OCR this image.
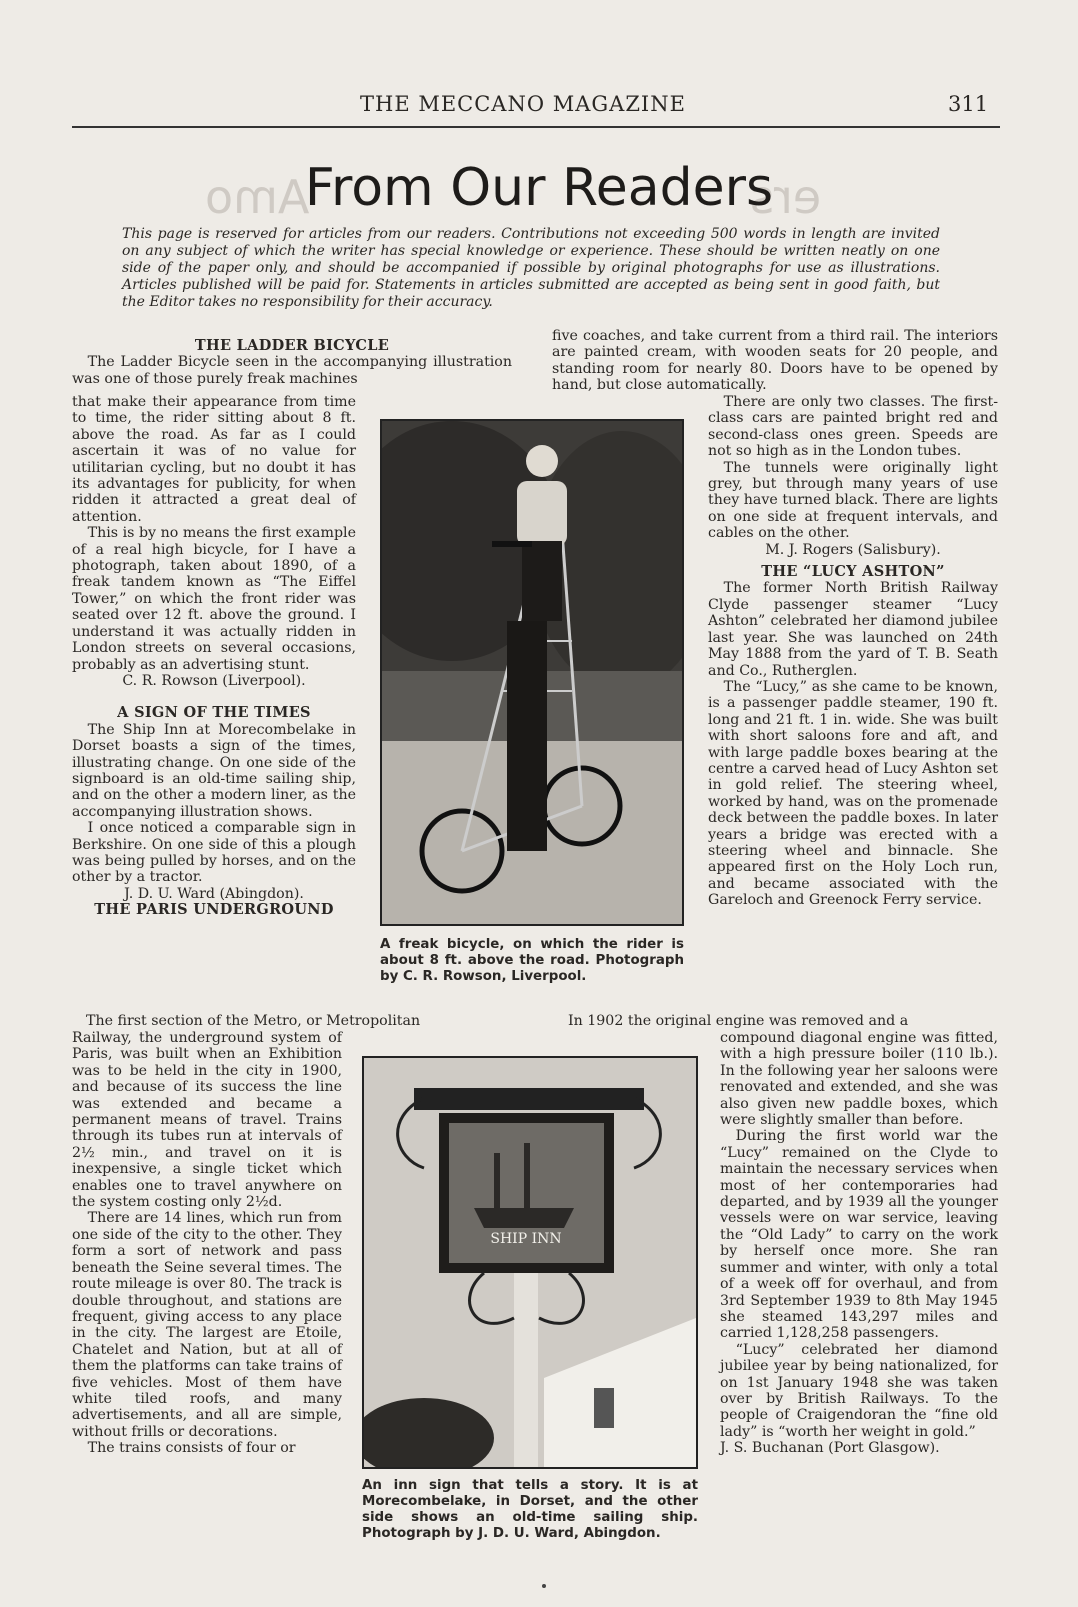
THE MECCANO MAGAZINE	311
Amo	ers
From Our Readers
This page is reserved for articles from our readers. Contributions not exceeding 500 words in length are invited on any subject of which the writer has special knowledge or experience. These should be written neatly on one side of the paper only, and should be accompanied if possible by original photographs for use as illustrations. Articles published will be paid for. Statements in articles submitted are accepted as being sent in good faith, but the Editor takes no responsibility for their accuracy.

THE LADDER BICYCLE

The Ladder Bicycle seen in the accompanying illustration was one of those purely freak machines

that make their appearance from time to time, the rider sitting about 8 ft. above the road. As far as I could ascertain it was of no value for utilitarian cycling, but no doubt it has its advantages for publicity, for when ridden it attracted a great deal of attention.

This is by no means the first example of a real high bicycle, for I have a photograph, taken about 1890, of a freak tandem known as “The Eiffel Tower,” on which the front rider was seated over 12 ft. above the ground. I understand it was actually ridden in London streets on several occasions, probably as an advertising stunt.

C. R. Rowson (Liverpool).

A SIGN OF THE TIMES

The Ship Inn at Morecombelake in Dorset boasts a sign of the times, illustrating change. On one side of the signboard is an old-time sailing ship, and on the other a modern liner, as the accompanying illustration shows.

I once noticed a comparable sign in Berkshire. On one side of this a plough was being pulled by horses, and on the other by a tractor.

J. D. U. Ward (Abingdon).

THE PARIS UNDERGROUND

A freak bicycle, on which the rider is about 8 ft. above the road. Photograph by C. R. Rowson, Liverpool.

five coaches, and take current from a third rail. The interiors are painted cream, with wooden seats for 20 people, and standing room for nearly 80. Doors have to be opened by hand, but close automatically.

There are only two classes. The first-class cars are painted bright red and second-class ones green. Speeds are not so high as in the London tubes.

The tunnels were originally light grey, but through many years of use they have turned black. There are lights on one side at frequent intervals, and cables on the other.

M. J. Rogers (Salisbury).

THE “LUCY ASHTON”

The former North British Railway Clyde passenger steamer “Lucy Ashton” celebrated her diamond jubilee last year. She was launched on 24th May 1888 from the yard of T. B. Seath and Co., Rutherglen.

The “Lucy,” as she came to be known, is a passenger paddle steamer, 190 ft. long and 21 ft. 1 in. wide. She was built with short saloons fore and aft, and with large paddle boxes bearing at the centre a carved head of Lucy Ashton set in gold relief. The steering wheel, worked by hand, was on the promenade deck between the paddle boxes. In later years a bridge was erected with a steering wheel and binnacle. She appeared first on the Holy Loch run, and became associated with the Gareloch and Greenock Ferry service.

The first section of the Metro, or Metropolitan	In 1902 the original engine was removed and a

Railway, the underground system of Paris, was built when an Exhibition was to be held in the city in 1900, and because of its success the line was extended and became a permanent means of travel. Trains through its tubes run at intervals of 2½ min., and travel on it is inexpensive, a single ticket which enables one to travel anywhere on the system costing only 2½d.

There are 14 lines, which run from one side of the city to the other. They form a sort of network and pass beneath the Seine several times. The route mileage is over 80. The track is double throughout, and stations are frequent, giving access to any place in the city. The largest are Etoile, Chatelet and Nation, but at all of them the platforms can take trains of five vehicles. Most of them have white tiled roofs, and many advertisements, and all are simple, without frills or decorations.

The trains consists of four or

SHIP INN
An inn sign that tells a story. It is at Morecombelake, in Dorset, and the other side shows an old-time sailing ship. Photograph by J. D. U. Ward, Abingdon.

compound diagonal engine was fitted, with a high pressure boiler (110 lb.). In the following year her saloons were renovated and extended, and she was also given new paddle boxes, which were slightly smaller than before.

During the first world war the “Lucy” remained on the Clyde to maintain the necessary services when most of her contemporaries had departed, and by 1939 all the younger vessels were on war service, leaving the “Old Lady” to carry on the work by herself once more. She ran summer and winter, with only a total of a week off for overhaul, and from 3rd September 1939 to 8th May 1945 she steamed 143,297 miles and carried 1,128,258 passengers.

“Lucy” celebrated her diamond jubilee year by being nationalized, for on 1st January 1948 she was taken over by British Railways. To the people of Craigendoran the “fine old lady” is “worth her weight in gold.”

J. S. Buchanan (Port Glasgow).
